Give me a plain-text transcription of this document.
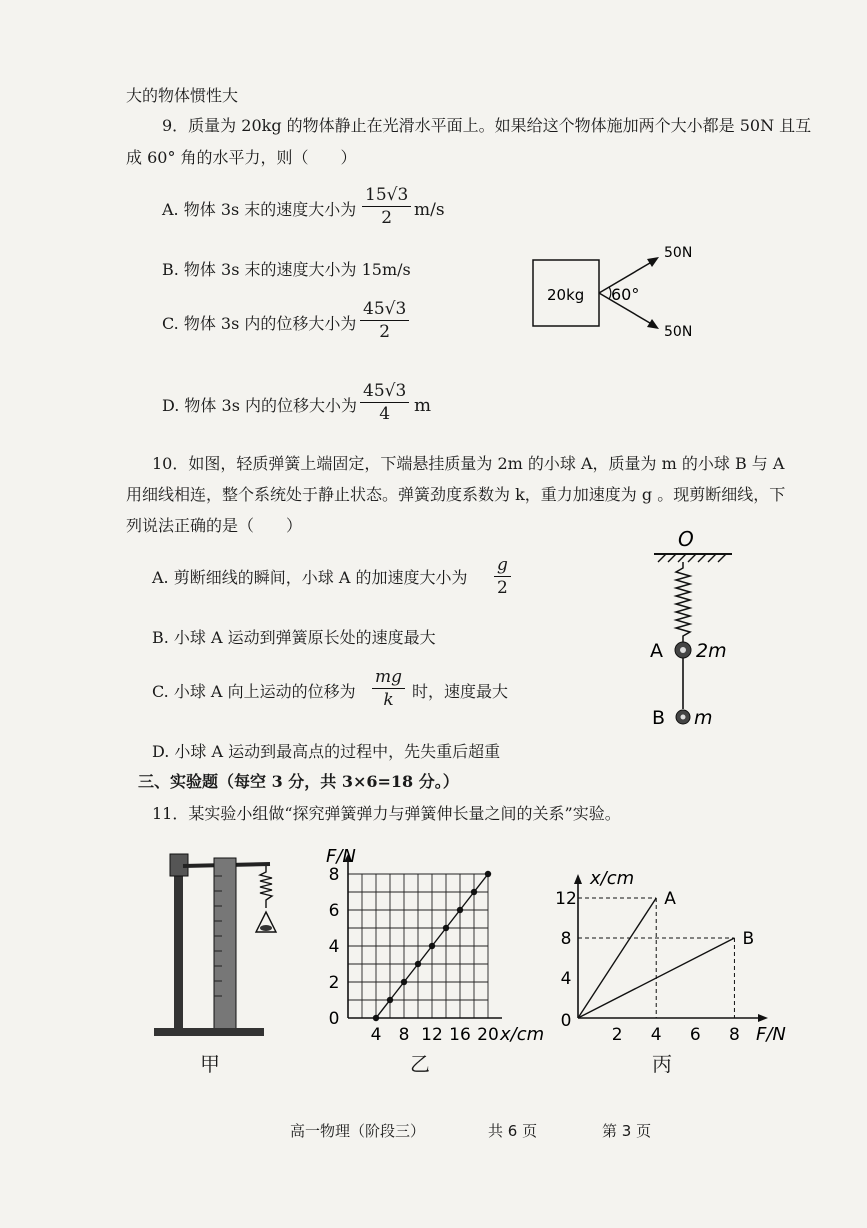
大的物体惯性大
9．质量为 20kg 的物体静止在光滑水平面上。如果给这个物体施加两个大小都是 50N 且互
成 60° 角的水平力，则（　　）
A. 物体 3s 末的速度大小为 $\frac{15√3}{2} m/s$
B. 物体 3s 末的速度大小为 15m/s
C. 物体 3s 内的位移大小为 $\frac{45√3}{2}$
D. 物体 3s 内的位移大小为 $\frac{45√3}{4}$ m
20kg 60°
50N
50N
10．如图，轻质弹簧上端固定，下端悬挂质量为 2m 的小球 A，质量为 m 的小球 B 与 A
用细线相连，整个系统处于静止状态。弹簧劲度系数为 k，重力加速度为 g 。现剪断细线，下
列说法正确的是（　　）
A. 剪断细线的瞬间，小球 A 的加速度大小为 $\frac{g}{2}$
B. 小球 A 运动到弹簧原长处的速度最大
C. 小球 A 向上运动的位移为 $\frac{mg}{k}$ 时，速度最大
D. 小球 A 运动到最高点的过程中，先失重后超重
O
A 2m
B m
三、实验题（每空 3 分，共 3×6=18 分。）
11．某实验小组做“探究弹簧弹力与弹簧伸长量之间的关系”实验。
0
2
4
6
8
4 8 12 16 20
F/N
x/cm
x/cm
F/N
0
2 4 6 8
4
8
12	A
B
甲	乙	丙
高一物理（阶段三）	共 6 页	第 3 页
